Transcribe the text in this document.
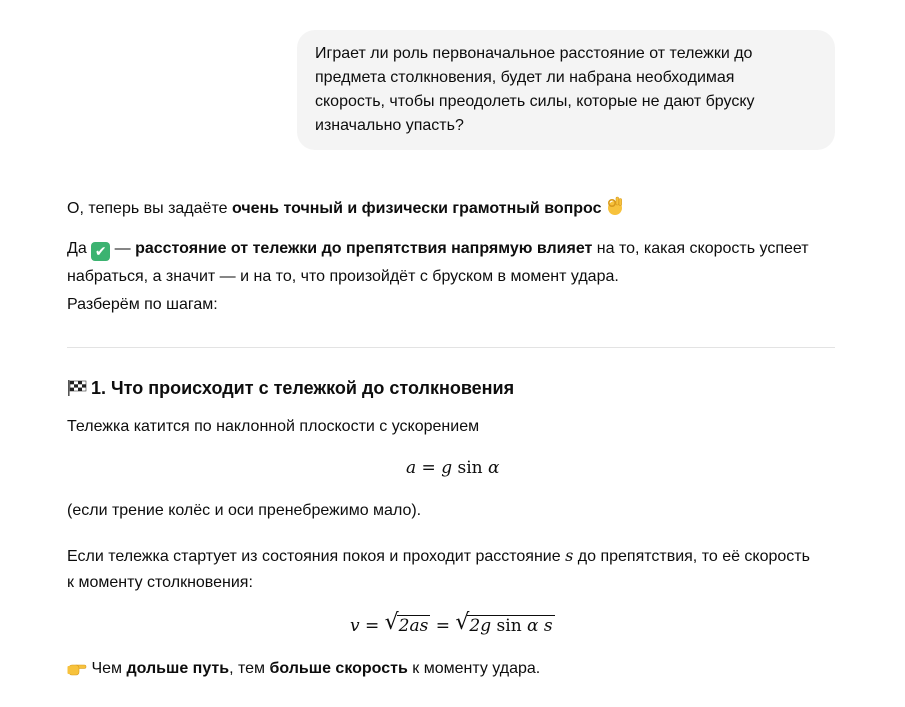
Играет ли роль первоначальное расстояние от тележки до
предмета столкновения, будет ли набрана необходимая
скорость, чтобы преодолеть силы, которые не дают бруску
изначально упасть?
О, теперь вы задаёте очень точный и физически грамотный вопрос
Да ✔ — расстояние от тележки до препятствия напрямую влияет на то, какая скорость успеет
набраться, а значит — и на то, что произойдёт с бруском в момент удара.
Разберём по шагам:
1. Что происходит с тележкой до столкновения
Тележка катится по наклонной плоскости с ускорением
a = g sin α
(если трение колёс и оси пренебрежимо мало).
Если тележка стартует из состояния покоя и проходит расстояние s до препятствия, то её скорость
к моменту столкновения:
v = √ 2as = √ 2g sin α s
Чем дольше путь, тем больше скорость к моменту удара.
